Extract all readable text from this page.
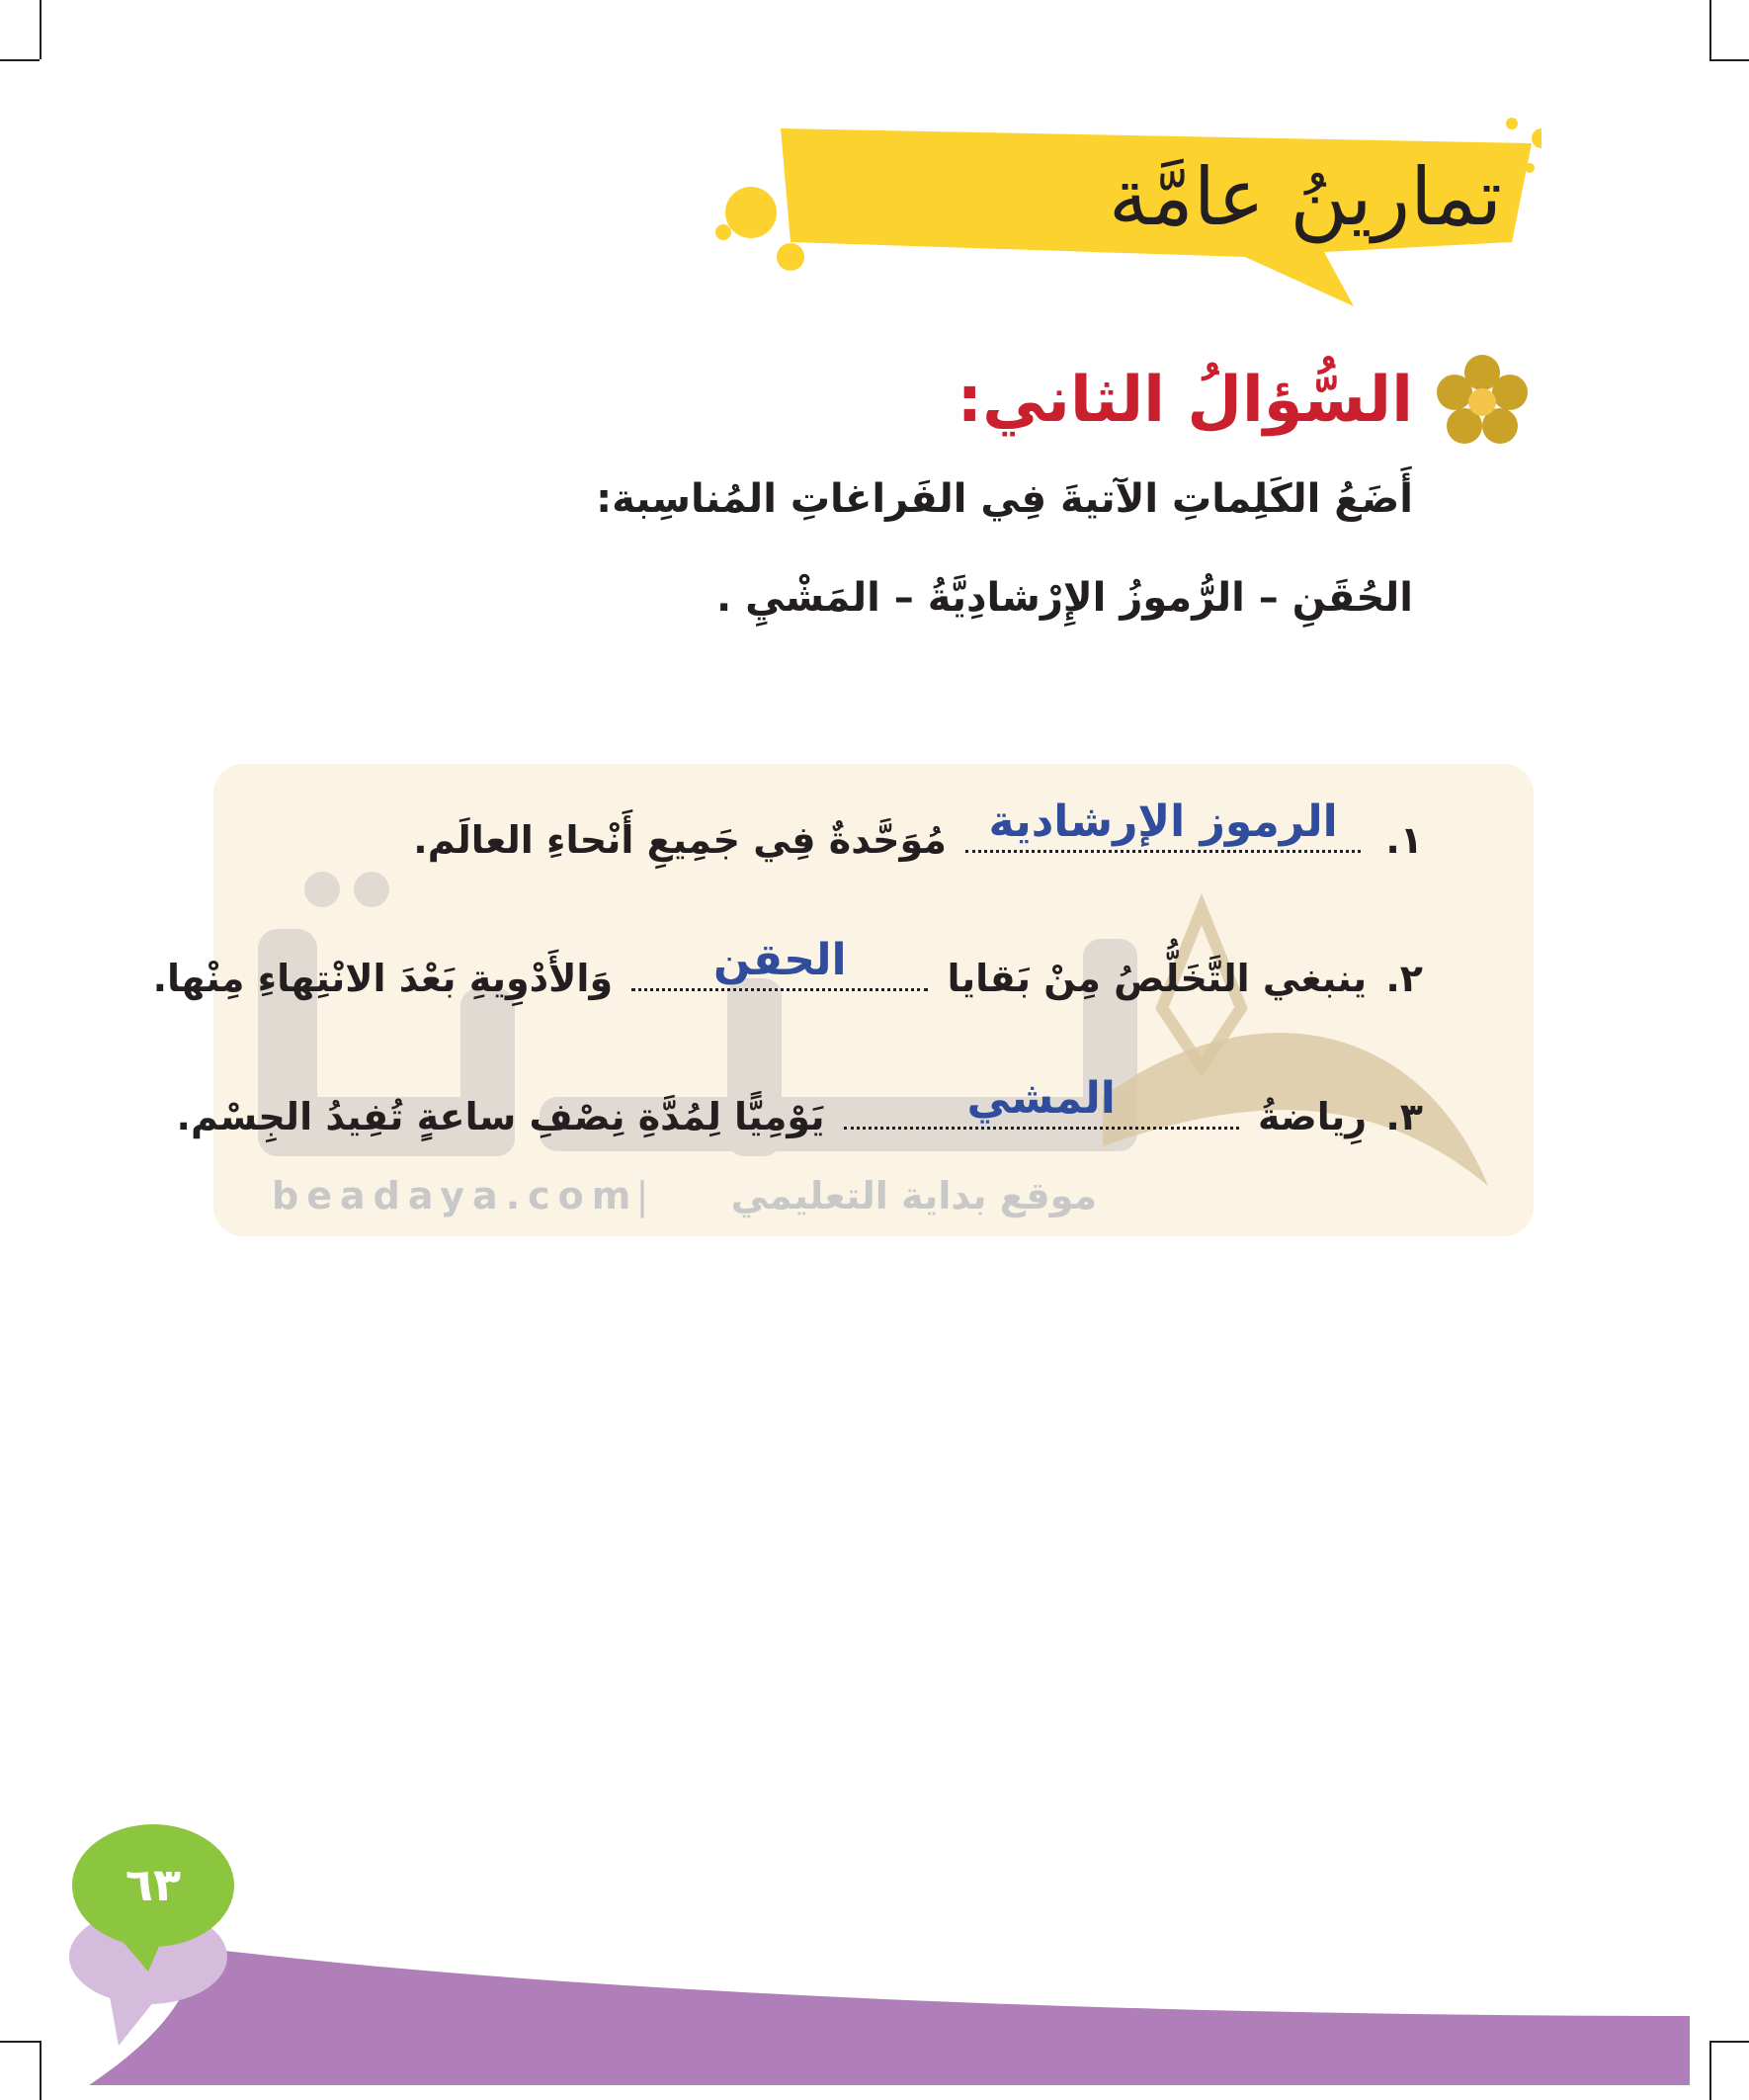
تمارينُ عامَّة
السُّؤالُ الثاني:
أَضَعُ الكَلِماتِ الآتيةَ فِي الفَراغاتِ المُناسِبة:
الحُقَنِ – الرُّموزُ الإِرْشادِيَّةُ – المَشْيِ .
beadaya.com
|	موقع بداية التعليمي
١.
الرموز الإرشادية
مُوَحَّدةٌ فِي جَمِيعِ أَنْحاءِ العالَم.
٢. ينبغي التَّخَلُّصُ مِنْ بَقايا
الحقن
وَالأَدْوِيةِ بَعْدَ الانْتِهاءِ مِنْها.
٣. رِياضةُ
المشي
يَوْمِيًّا لِمُدَّةِ نِصْفِ ساعةٍ تُفِيدُ الجِسْم.
٦٣
